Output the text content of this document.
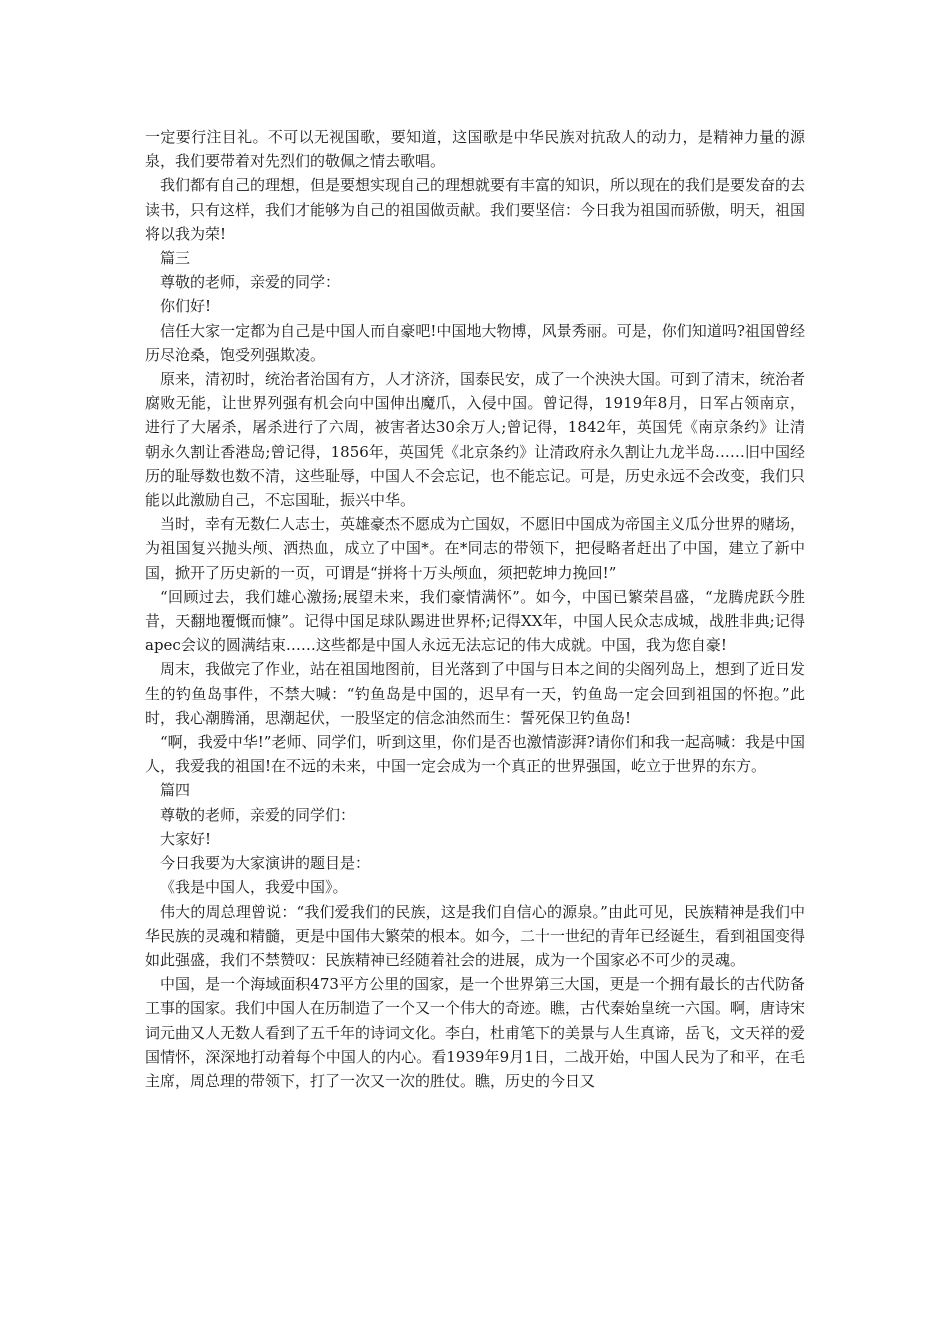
一定要行注目礼。不可以无视国歌，要知道，这国歌是中华民族对抗敌人的动力，是精神力量的源泉，我们要带着对先烈们的敬佩之情去歌唱。

我们都有自己的理想，但是要想实现自己的理想就要有丰富的知识，所以现在的我们是要发奋的去读书，只有这样，我们才能够为自己的祖国做贡献。我们要坚信：今日我为祖国而骄傲，明天，祖国将以我为荣!

篇三

尊敬的老师，亲爱的同学：

你们好!

信任大家一定都为自己是中国人而自豪吧!中国地大物博，风景秀丽。可是，你们知道吗?祖国曾经历尽沧桑，饱受列强欺凌。

原来，清初时，统治者治国有方，人才济济，国泰民安，成了一个泱泱大国。可到了清末，统治者腐败无能，让世界列强有机会向中国伸出魔爪，入侵中国。曾记得，1919年8月，日军占领南京，进行了大屠杀，屠杀进行了六周，被害者达30余万人;曾记得，1842年，英国凭《南京条约》让清朝永久割让香港岛;曾记得，1856年，英国凭《北京条约》让清政府永久割让九龙半岛……旧中国经历的耻辱数也数不清，这些耻辱，中国人不会忘记，也不能忘记。可是，历史永远不会改变，我们只能以此激励自己，不忘国耻，振兴中华。

当时，幸有无数仁人志士，英雄豪杰不愿成为亡国奴，不愿旧中国成为帝国主义瓜分世界的赌场，为祖国复兴抛头颅、洒热血，成立了中国*。在*同志的带领下，把侵略者赶出了中国，建立了新中国，掀开了历史新的一页，可谓是“拼将十万头颅血，须把乾坤力挽回!”

“回顾过去，我们雄心激扬;展望未来，我们豪情满怀”。如今，中国已繁荣昌盛，“龙腾虎跃今胜昔，天翻地覆慨而慷”。记得中国足球队踢进世界杯;记得XX年，中国人民众志成城，战胜非典;记得apec会议的圆满结束……这些都是中国人永远无法忘记的伟大成就。中国，我为您自豪!

周末，我做完了作业，站在祖国地图前，目光落到了中国与日本之间的尖阁列岛上，想到了近日发生的钓鱼岛事件，不禁大喊：“钓鱼岛是中国的，迟早有一天，钓鱼岛一定会回到祖国的怀抱。”此时，我心潮腾涌，思潮起伏，一股坚定的信念油然而生：誓死保卫钓鱼岛!

“啊，我爱中华!”老师、同学们，听到这里，你们是否也激情澎湃?请你们和我一起高喊：我是中国人，我爱我的祖国!在不远的未来，中国一定会成为一个真正的世界强国，屹立于世界的东方。

篇四

尊敬的老师，亲爱的同学们：

大家好!

今日我要为大家演讲的题目是：

《我是中国人，我爱中国》。

伟大的周总理曾说：“我们爱我们的民族，这是我们自信心的源泉。”由此可见，民族精神是我们中华民族的灵魂和精髓，更是中国伟大繁荣的根本。如今，二十一世纪的青年已经诞生，看到祖国变得如此强盛，我们不禁赞叹：民族精神已经随着社会的进展，成为一个国家必不可少的灵魂。

中国，是一个海域面积473平方公里的国家，是一个世界第三大国，更是一个拥有最长的古代防备工事的国家。我们中国人在历制造了一个又一个伟大的奇迹。瞧，古代秦始皇统一六国。啊，唐诗宋词元曲又人无数人看到了五千年的诗词文化。李白，杜甫笔下的美景与人生真谛，岳飞，文天祥的爱国情怀，深深地打动着每个中国人的内心。看1939年9月1日，二战开始，中国人民为了和平，在毛主席，周总理的带领下，打了一次又一次的胜仗。瞧，历史的今日又
